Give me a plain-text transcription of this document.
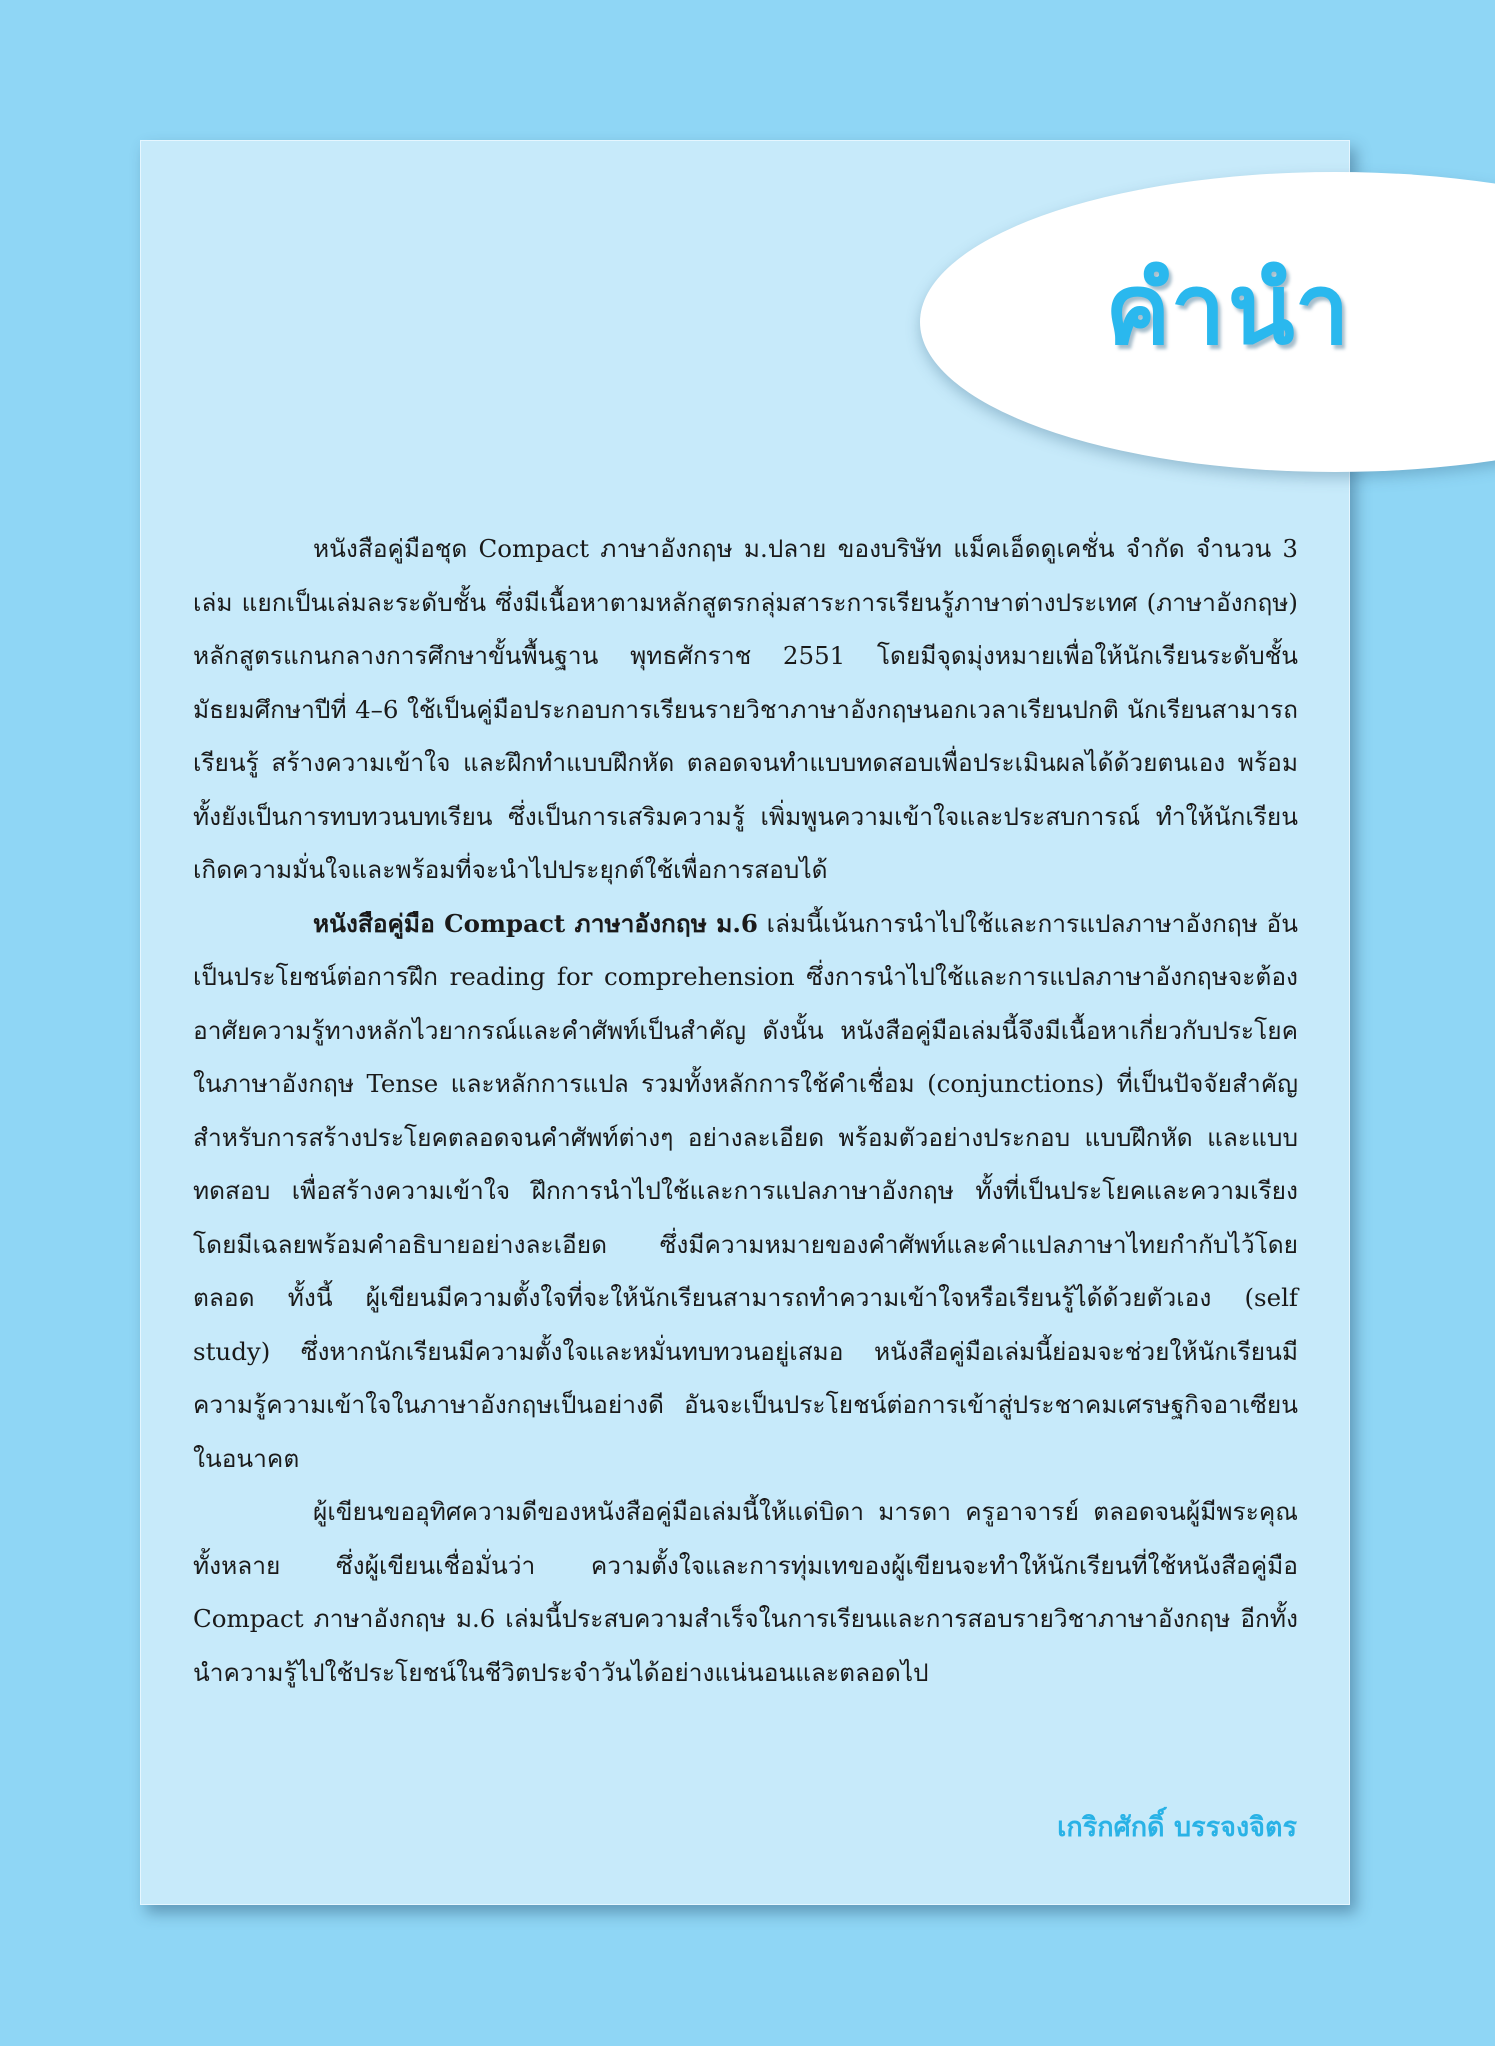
คำนำ

หนังสือคู่มือชุด Compact ภาษาอังกฤษ ม.ปลาย ของบริษัท แม็คเอ็ดดูเคชั่น จำกัด จำนวน 3 เล่ม แยกเป็นเล่มละระดับชั้น ซึ่งมีเนื้อหาตามหลักสูตรกลุ่มสาระการเรียนรู้ภาษาต่างประเทศ (ภาษาอังกฤษ) หลักสูตรแกนกลางการศึกษาขั้นพื้นฐาน พุทธศักราช 2551 โดยมีจุดมุ่งหมายเพื่อให้นักเรียนระดับชั้นมัธยมศึกษาปีที่ 4–6 ใช้เป็นคู่มือประกอบการเรียนรายวิชาภาษาอังกฤษนอกเวลาเรียนปกติ นักเรียนสามารถเรียนรู้ สร้างความเข้าใจ และฝึกทำแบบฝึกหัด ตลอดจนทำแบบทดสอบเพื่อประเมินผลได้ด้วยตนเอง พร้อมทั้งยังเป็นการทบทวนบทเรียน ซึ่งเป็นการเสริมความรู้ เพิ่มพูนความเข้าใจและประสบการณ์ ทำให้นักเรียนเกิดความมั่นใจและพร้อมที่จะนำไปประยุกต์ใช้เพื่อการสอบได้

หนังสือคู่มือ Compact ภาษาอังกฤษ ม.6 เล่มนี้เน้นการนำไปใช้และการแปลภาษาอังกฤษ อันเป็นประโยชน์ต่อการฝึก reading for comprehension ซึ่งการนำไปใช้และการแปลภาษาอังกฤษจะต้องอาศัยความรู้ทางหลักไวยากรณ์และคำศัพท์เป็นสำคัญ ดังนั้น หนังสือคู่มือเล่มนี้จึงมีเนื้อหาเกี่ยวกับประโยคในภาษาอังกฤษ Tense และหลักการแปล รวมทั้งหลักการใช้คำเชื่อม (conjunctions) ที่เป็นปัจจัยสำคัญสำหรับการสร้างประโยคตลอดจนคำศัพท์ต่างๆ อย่างละเอียด พร้อมตัวอย่างประกอบ แบบฝึกหัด และแบบทดสอบ เพื่อสร้างความเข้าใจ ฝึกการนำไปใช้และการแปลภาษาอังกฤษ ทั้งที่เป็นประโยคและความเรียง โดยมีเฉลยพร้อมคำอธิบายอย่างละเอียด ซึ่งมีความหมายของคำศัพท์และคำแปลภาษาไทยกำกับไว้โดยตลอด ทั้งนี้ ผู้เขียนมีความตั้งใจที่จะให้นักเรียนสามารถทำความเข้าใจหรือเรียนรู้ได้ด้วยตัวเอง (self study) ซึ่งหากนักเรียนมีความตั้งใจและหมั่นทบทวนอยู่เสมอ หนังสือคู่มือเล่มนี้ย่อมจะช่วยให้นักเรียนมีความรู้ความเข้าใจในภาษาอังกฤษเป็นอย่างดี อันจะเป็นประโยชน์ต่อการเข้าสู่ประชาคมเศรษฐกิจอาเซียนในอนาคต

ผู้เขียนขออุทิศความดีของหนังสือคู่มือเล่มนี้ให้แด่บิดา มารดา ครูอาจารย์ ตลอดจนผู้มีพระคุณทั้งหลาย ซึ่งผู้เขียนเชื่อมั่นว่า ความตั้งใจและการทุ่มเทของผู้เขียนจะทำให้นักเรียนที่ใช้หนังสือคู่มือ Compact ภาษาอังกฤษ ม.6 เล่มนี้ประสบความสำเร็จในการเรียนและการสอบรายวิชาภาษาอังกฤษ อีกทั้งนำความรู้ไปใช้ประโยชน์ในชีวิตประจำวันได้อย่างแน่นอนและตลอดไป

เกริกศักดิ์ บรรจงจิตร
